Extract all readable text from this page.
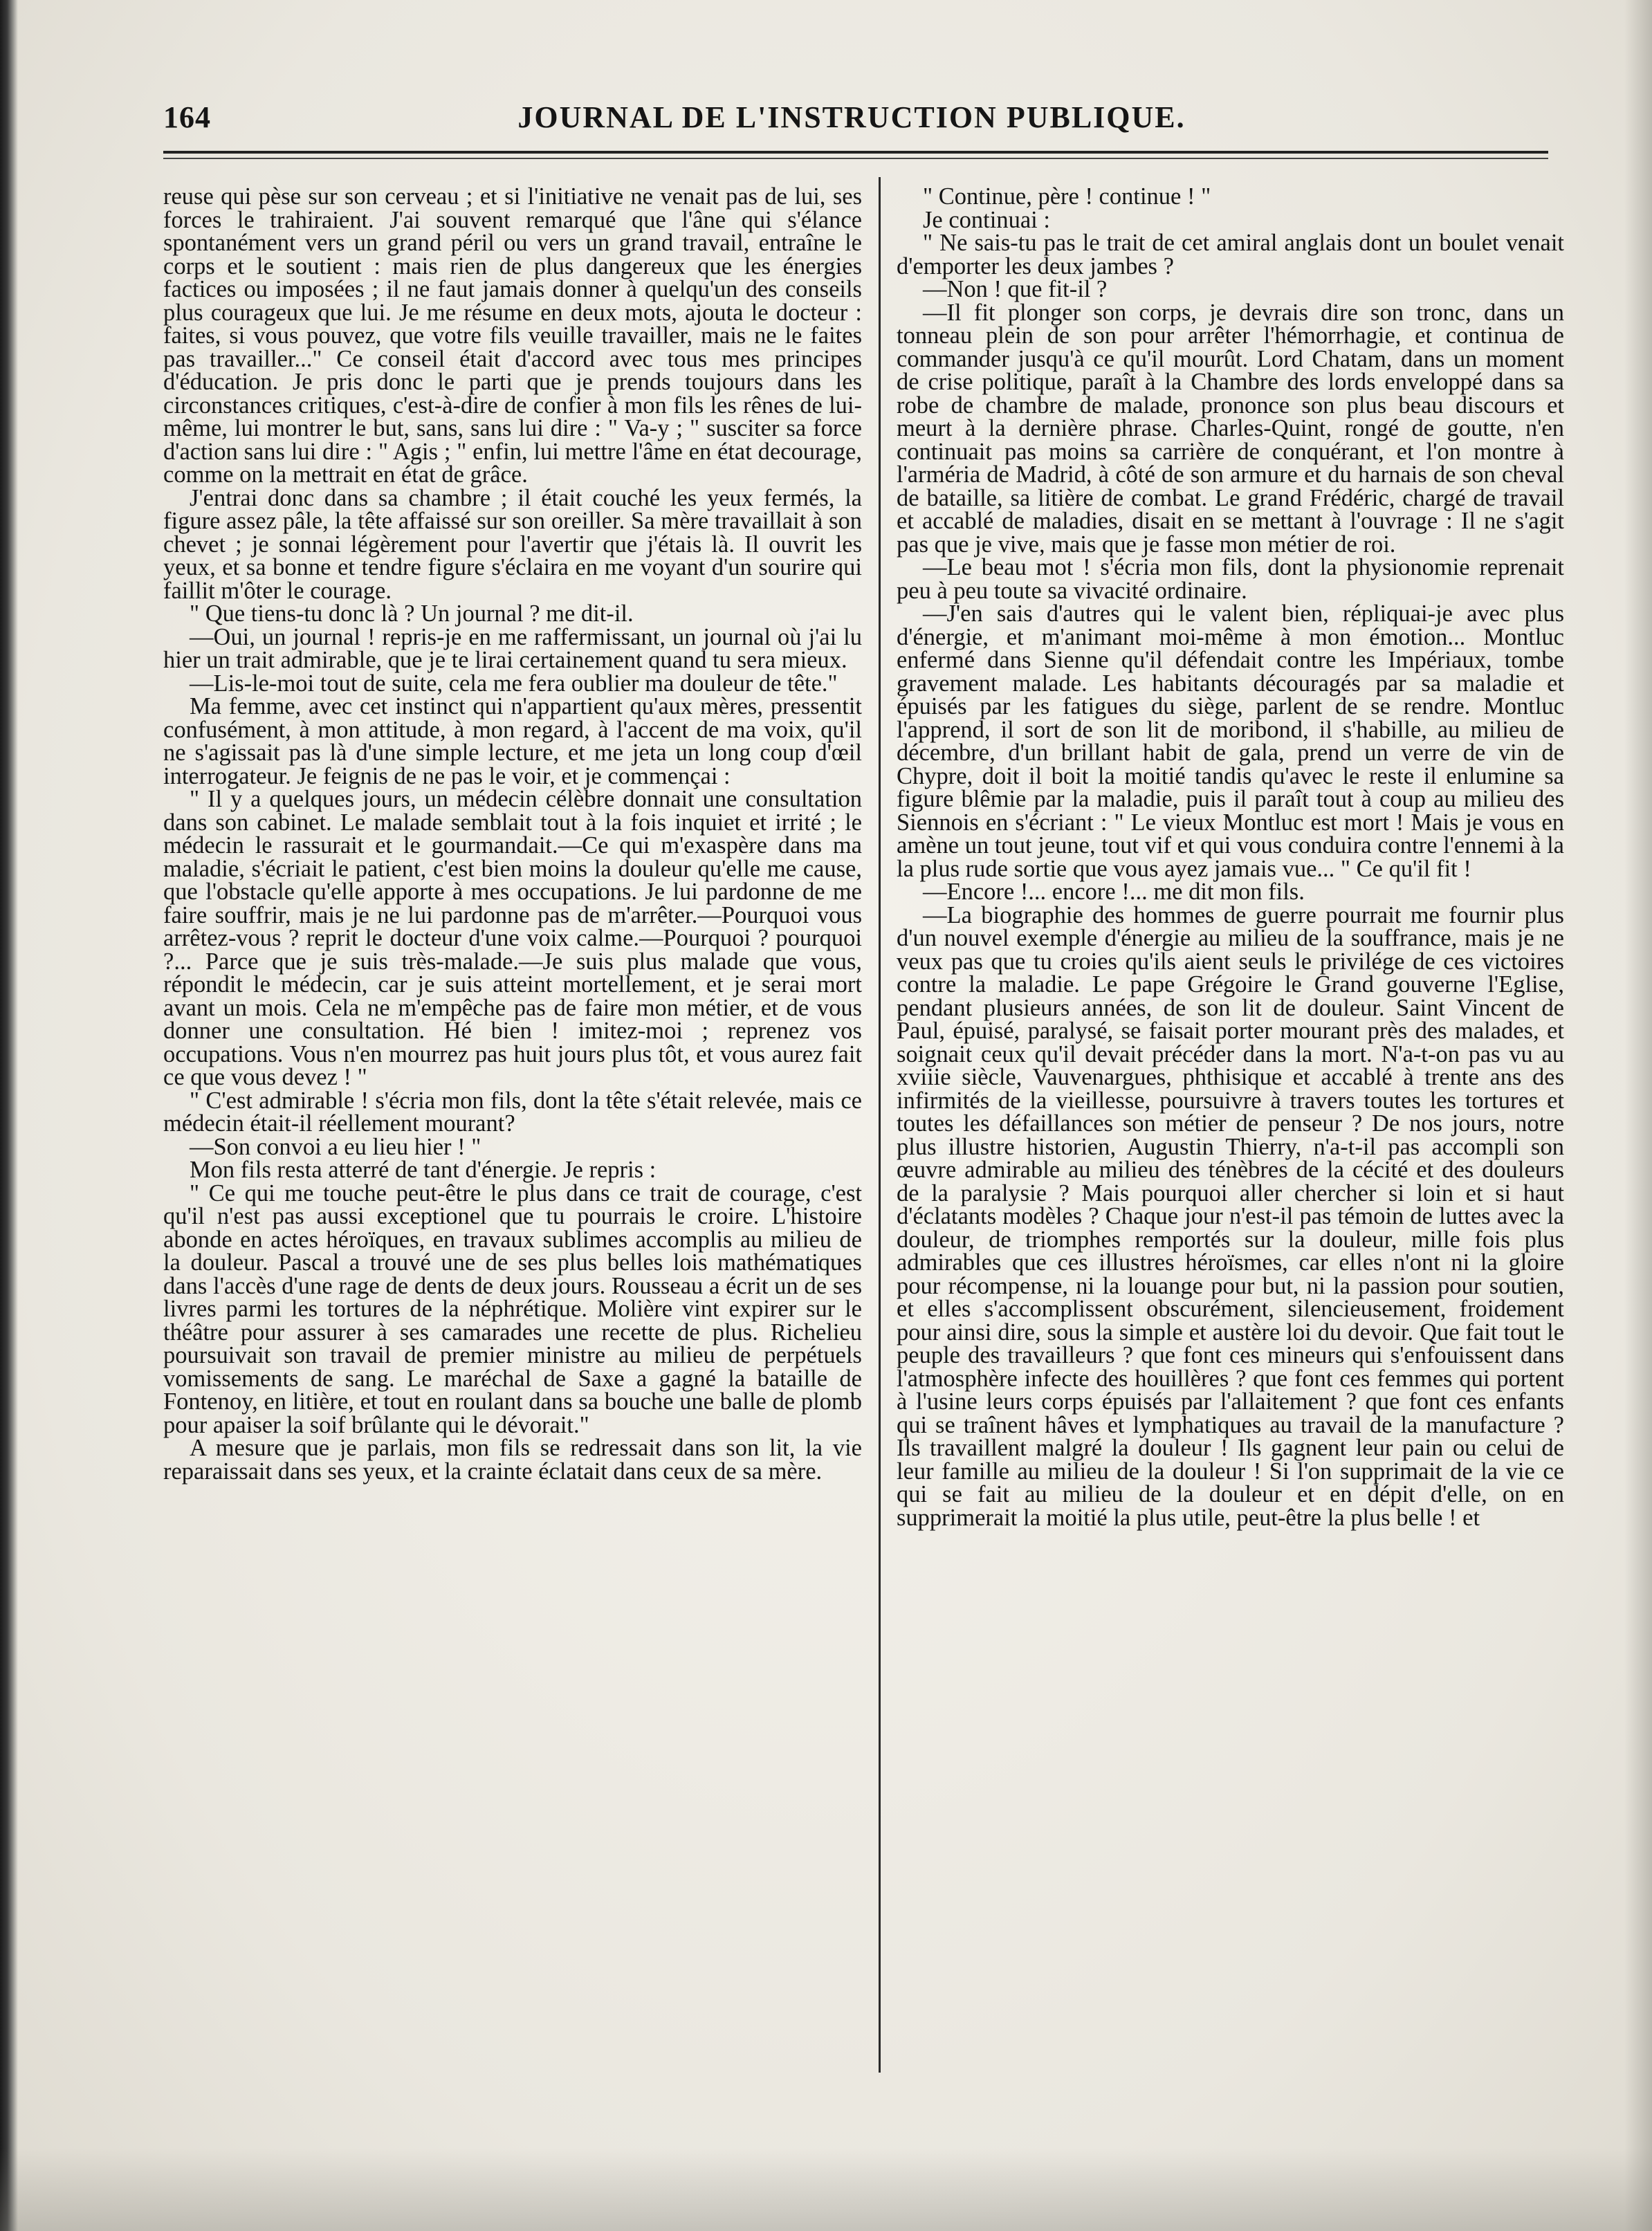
164	JOURNAL DE L'INSTRUCTION PUBLIQUE.

reuse qui pèse sur son cerveau ; et si l'initiative ne venait pas de lui, ses forces le trahiraient. J'ai souvent remarqué que l'âne qui s'élance spontanément vers un grand péril ou vers un grand travail, entraîne le corps et le soutient : mais rien de plus dangereux que les énergies factices ou imposées ; il ne faut jamais donner à quelqu'un des conseils plus courageux que lui. Je me résume en deux mots, ajouta le docteur : faites, si vous pouvez, que votre fils veuille travailler, mais ne le faites pas travailler..." Ce conseil était d'accord avec tous mes principes d'éducation. Je pris donc le parti que je prends toujours dans les circonstances critiques, c'est-à-dire de confier à mon fils les rênes de lui-même, lui montrer le but, sans, sans lui dire : " Va-y ; " susciter sa force d'action sans lui dire : " Agis ; " enfin, lui mettre l'âme en état decourage, comme on la mettrait en état de grâce.

J'entrai donc dans sa chambre ; il était couché les yeux fermés, la figure assez pâle, la tête affaissé sur son oreiller. Sa mère travaillait à son chevet ; je sonnai légèrement pour l'avertir que j'étais là. Il ouvrit les yeux, et sa bonne et tendre figure s'éclaira en me voyant d'un sourire qui faillit m'ôter le courage.

" Que tiens-tu donc là ? Un journal ? me dit-il.

—Oui, un journal ! repris-je en me raffermissant, un journal où j'ai lu hier un trait admirable, que je te lirai certainement quand tu sera mieux.

—Lis-le-moi tout de suite, cela me fera oublier ma douleur de tête."

Ma femme, avec cet instinct qui n'appartient qu'aux mères, pressentit confusément, à mon attitude, à mon regard, à l'accent de ma voix, qu'il ne s'agissait pas là d'une simple lecture, et me jeta un long coup d'œil interrogateur. Je feignis de ne pas le voir, et je commençai :

" Il y a quelques jours, un médecin célèbre donnait une consultation dans son cabinet. Le malade semblait tout à la fois inquiet et irrité ; le médecin le rassurait et le gourmandait.—Ce qui m'exaspère dans ma maladie, s'écriait le patient, c'est bien moins la douleur qu'elle me cause, que l'obstacle qu'elle apporte à mes occupations. Je lui pardonne de me faire souffrir, mais je ne lui pardonne pas de m'arrêter.—Pourquoi vous arrêtez-vous ? reprit le docteur d'une voix calme.—Pourquoi ? pourquoi ?... Parce que je suis très-malade.—Je suis plus malade que vous, répondit le médecin, car je suis atteint mortellement, et je serai mort avant un mois. Cela ne m'empêche pas de faire mon métier, et de vous donner une consultation. Hé bien ! imitez-moi ; reprenez vos occupations. Vous n'en mourrez pas huit jours plus tôt, et vous aurez fait ce que vous devez ! "

" C'est admirable ! s'écria mon fils, dont la tête s'était relevée, mais ce médecin était-il réellement mourant?

—Son convoi a eu lieu hier ! "

Mon fils resta atterré de tant d'énergie. Je repris :

" Ce qui me touche peut-être le plus dans ce trait de courage, c'est qu'il n'est pas aussi exceptionel que tu pourrais le croire. L'histoire abonde en actes héroïques, en travaux sublimes accomplis au milieu de la douleur. Pascal a trouvé une de ses plus belles lois mathématiques dans l'accès d'une rage de dents de deux jours. Rousseau a écrit un de ses livres parmi les tortures de la néphrétique. Molière vint expirer sur le théâtre pour assurer à ses camarades une recette de plus. Richelieu poursuivait son travail de premier ministre au milieu de perpétuels vomissements de sang. Le maréchal de Saxe a gagné la bataille de Fontenoy, en litière, et tout en roulant dans sa bouche une balle de plomb pour apaiser la soif brûlante qui le dévorait."

A mesure que je parlais, mon fils se redressait dans son lit, la vie reparaissait dans ses yeux, et la crainte éclatait dans ceux de sa mère.

" Continue, père ! continue ! "

Je continuai :

" Ne sais-tu pas le trait de cet amiral anglais dont un boulet venait d'emporter les deux jambes ?

—Non ! que fit-il ?

—Il fit plonger son corps, je devrais dire son tronc, dans un tonneau plein de son pour arrêter l'hémorrhagie, et continua de commander jusqu'à ce qu'il mourût. Lord Chatam, dans un moment de crise politique, paraît à la Chambre des lords enveloppé dans sa robe de chambre de malade, prononce son plus beau discours et meurt à la dernière phrase. Charles-Quint, rongé de goutte, n'en continuait pas moins sa carrière de conquérant, et l'on montre à l'arméria de Madrid, à côté de son armure et du harnais de son cheval de bataille, sa litière de combat. Le grand Frédéric, chargé de travail et accablé de maladies, disait en se mettant à l'ouvrage : Il ne s'agit pas que je vive, mais que je fasse mon métier de roi.

—Le beau mot ! s'écria mon fils, dont la physionomie reprenait peu à peu toute sa vivacité ordinaire.

—J'en sais d'autres qui le valent bien, répliquai-je avec plus d'énergie, et m'animant moi-même à mon émotion... Montluc enfermé dans Sienne qu'il défendait contre les Impériaux, tombe gravement malade. Les habitants découragés par sa maladie et épuisés par les fatigues du siège, parlent de se rendre. Montluc l'apprend, il sort de son lit de moribond, il s'habille, au milieu de décembre, d'un brillant habit de gala, prend un verre de vin de Chypre, doit il boit la moitié tandis qu'avec le reste il enlumine sa figure blêmie par la maladie, puis il paraît tout à coup au milieu des Siennois en s'écriant : " Le vieux Montluc est mort ! Mais je vous en amène un tout jeune, tout vif et qui vous conduira contre l'ennemi à la la plus rude sortie que vous ayez jamais vue... " Ce qu'il fit !

—Encore !... encore !... me dit mon fils.

—La biographie des hommes de guerre pourrait me fournir plus d'un nouvel exemple d'énergie au milieu de la souffrance, mais je ne veux pas que tu croies qu'ils aient seuls le privilége de ces victoires contre la maladie. Le pape Grégoire le Grand gouverne l'Eglise, pendant plusieurs années, de son lit de douleur. Saint Vincent de Paul, épuisé, paralysé, se faisait porter mourant près des malades, et soignait ceux qu'il devait précéder dans la mort. N'a-t-on pas vu au xviiie siècle, Vauvenargues, phthisique et accablé à trente ans des infirmités de la vieillesse, poursuivre à travers toutes les tortures et toutes les défaillances son métier de penseur ? De nos jours, notre plus illustre historien, Augustin Thierry, n'a-t-il pas accompli son œuvre admirable au milieu des ténèbres de la cécité et des douleurs de la paralysie ? Mais pourquoi aller chercher si loin et si haut d'éclatants modèles ? Chaque jour n'est-il pas témoin de luttes avec la douleur, de triomphes remportés sur la douleur, mille fois plus admirables que ces illustres héroïsmes, car elles n'ont ni la gloire pour récompense, ni la louange pour but, ni la passion pour soutien, et elles s'accomplissent obscurément, silencieusement, froidement pour ainsi dire, sous la simple et austère loi du devoir. Que fait tout le peuple des travailleurs ? que font ces mineurs qui s'enfouissent dans l'atmosphère infecte des houillères ? que font ces femmes qui portent à l'usine leurs corps épuisés par l'allaitement ? que font ces enfants qui se traînent hâves et lymphatiques au travail de la manufacture ? Ils travaillent malgré la douleur ! Ils gagnent leur pain ou celui de leur famille au milieu de la douleur ! Si l'on supprimait de la vie ce qui se fait au milieu de la douleur et en dépit d'elle, on en supprimerait la moitié la plus utile, peut-être la plus belle ! et
